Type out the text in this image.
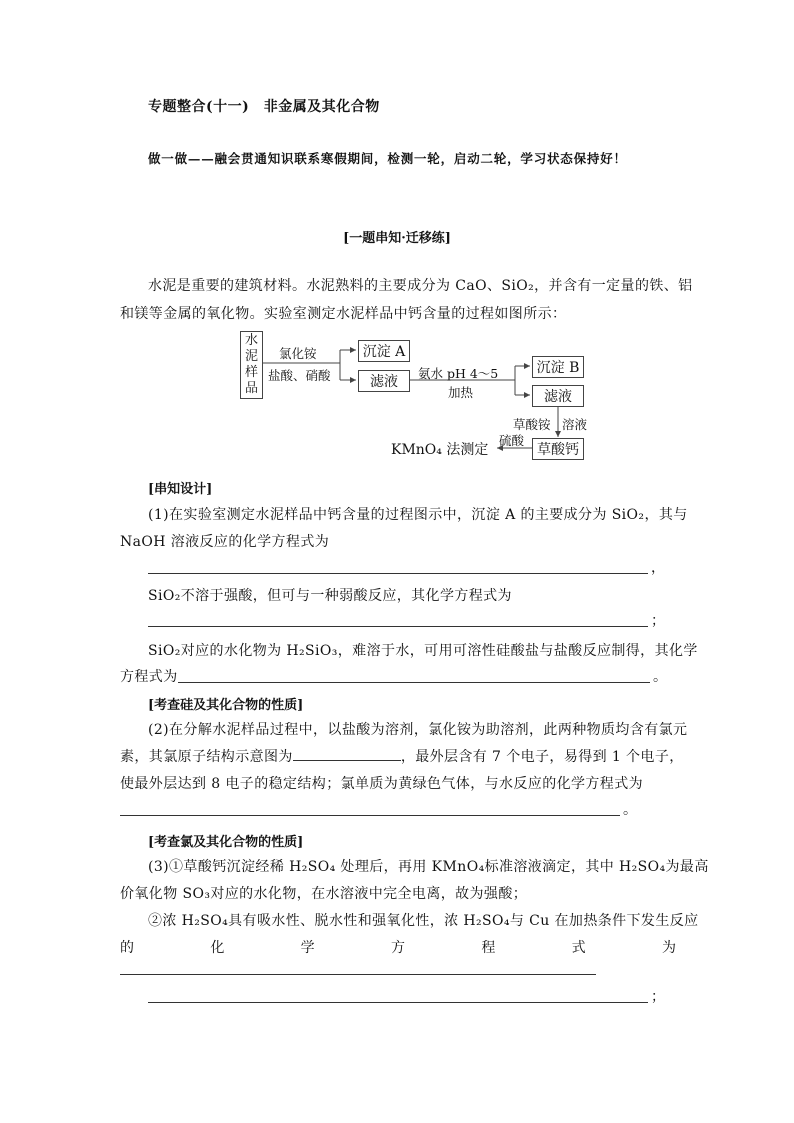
专题整合(十一)　非金属及其化合物
做一做——融会贯通知识联系寒假期间，检测一轮，启动二轮，学习状态保持好！
[一题串知·迁移练]
水泥是重要的建筑材料。水泥熟料的主要成分为 CaO、SiO₂，并含有一定量的铁、铝
和镁等金属的氧化物。实验室测定水泥样品中钙含量的过程如图所示：
水
泥
样
品
氯化铵
盐酸、硝酸
沉淀 A
滤液
氨水 pH 4～5
加热
沉淀 B
滤液
草酸铵 溶液
硫酸
草酸钙
KMnO₄ 法测定
[串知设计]
(1)在实验室测定水泥样品中钙含量的过程图示中，沉淀 A 的主要成分为 SiO₂，其与
NaOH 溶液反应的化学方程式为
，
SiO₂不溶于强酸，但可与一种弱酸反应，其化学方程式为
；
SiO₂对应的水化物为 H₂SiO₃，难溶于水，可用可溶性硅酸盐与盐酸反应制得，其化学
方程式为	。
[考查硅及其化合物的性质]
(2)在分解水泥样品过程中，以盐酸为溶剂，氯化铵为助溶剂，此两种物质均含有氯元
素，其氯原子结构示意图为	，最外层含有 7 个电子，易得到 1 个电子，
使最外层达到 8 电子的稳定结构；氯单质为黄绿色气体，与水反应的化学方程式为
。
[考查氯及其化合物的性质]
(3)①草酸钙沉淀经稀 H₂SO₄ 处理后，再用 KMnO₄标准溶液滴定，其中 H₂SO₄为最高
价氧化物 SO₃对应的水化物，在水溶液中完全电离，故为强酸；
②浓 H₂SO₄具有吸水性、脱水性和强氧化性，浓 H₂SO₄与 Cu 在加热条件下发生反应
的	化	学	方	程	式	为
；
